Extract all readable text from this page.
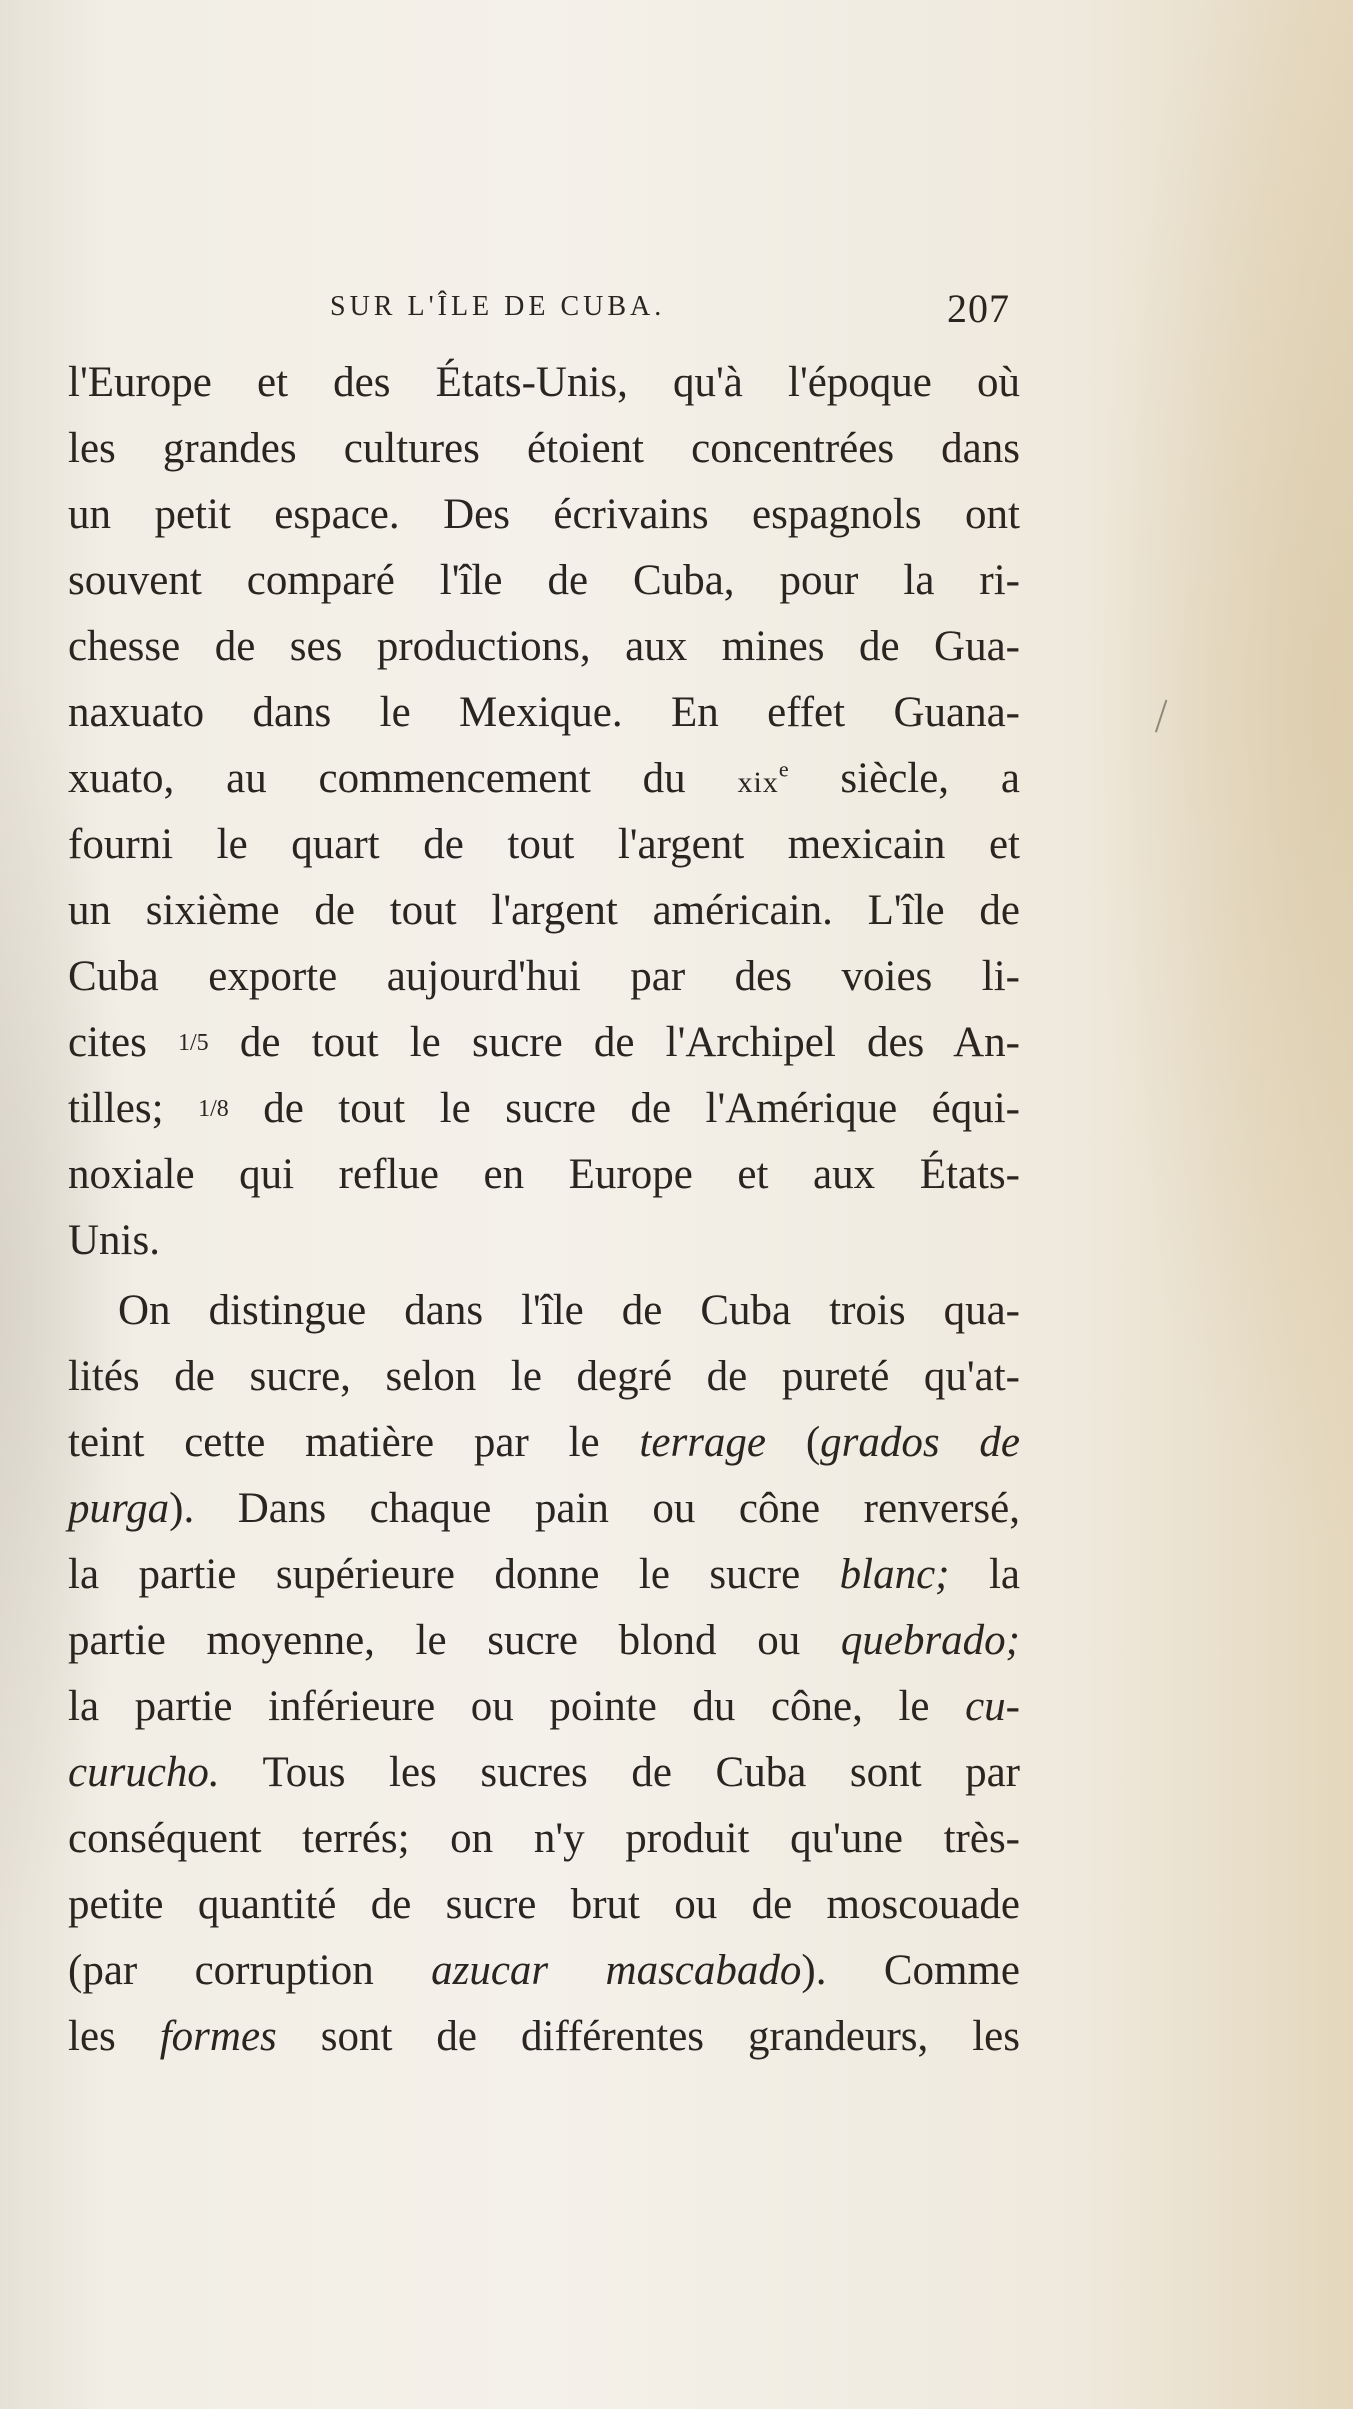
SUR L'ÎLE DE CUBA.	207
l'Europe et des États-Unis, qu'à l'époque où
les grandes cultures étoient concentrées dans
un petit espace. Des écrivains espagnols ont
souvent comparé l'île de Cuba, pour la ri-
chesse de ses productions, aux mines de Gua-
naxuato dans le Mexique. En effet Guana-
xuato, au commencement du xix$^e$ siècle, a
fourni le quart de tout l'argent mexicain et
un sixième de tout l'argent américain. L'île de
Cuba exporte aujourd'hui par des voies li-
cites 1/5 de tout le sucre de l'Archipel des An-
tilles; 1/8 de tout le sucre de l'Amérique équi-
noxiale qui reflue en Europe et aux États-
Unis.
On distingue dans l'île de Cuba trois qua-
lités de sucre, selon le degré de pureté qu'at-
teint cette matière par le terrage (grados de
purga). Dans chaque pain ou cône renversé,
la partie supérieure donne le sucre blanc; la
partie moyenne, le sucre blond ou quebrado;
la partie inférieure ou pointe du cône, le cu-
curucho. Tous les sucres de Cuba sont par
conséquent terrés; on n'y produit qu'une très-
petite quantité de sucre brut ou de moscouade
(par corruption azucar mascabado). Comme
les formes sont de différentes grandeurs, les
